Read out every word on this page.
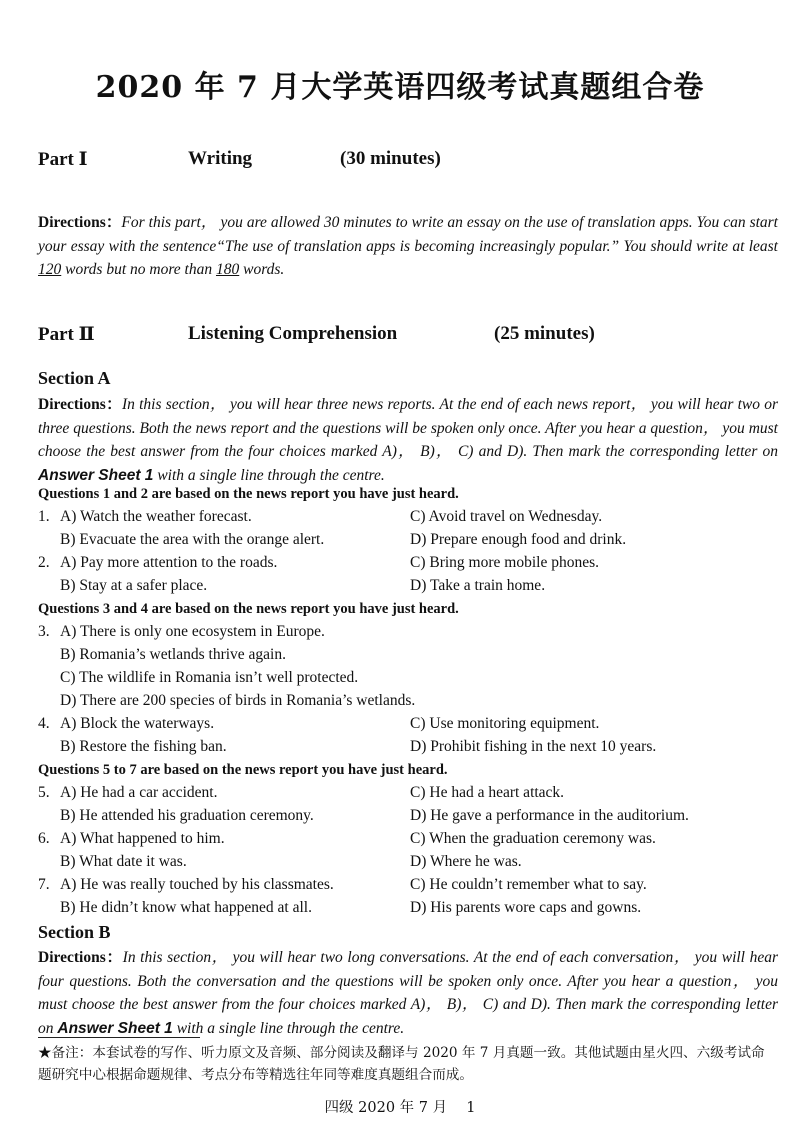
2020 年 7 月大学英语四级考试真题组合卷
Part Ⅰ	Writing	(30 minutes)
Directions：For this part， you are allowed 30 minutes to write an essay on the use of translation apps. You can start your essay with the sentence“The use of translation apps is becoming increasingly popular.” You should write at least 120 words but no more than 180 words.
Part Ⅱ	Listening Comprehension	(25 minutes)
Section A
Directions：In this section， you will hear three news reports. At the end of each news report， you will hear two or three questions. Both the news report and the questions will be spoken only once. After you hear a question， you must choose the best answer from the four choices marked A)， B)， C) and D). Then mark the corresponding letter on Answer Sheet 1 with a single line through the centre.
Questions 1 and 2 are based on the news report you have just heard.
1. A) Watch the weather forecast.	C) Avoid travel on Wednesday.
B) Evacuate the area with the orange alert.	D) Prepare enough food and drink.
2. A) Pay more attention to the roads.	C) Bring more mobile phones.
B) Stay at a safer place.	D) Take a train home.
Questions 3 and 4 are based on the news report you have just heard.
3. A) There is only one ecosystem in Europe.
B) Romania’s wetlands thrive again.
C) The wildlife in Romania isn’t well protected.
D) There are 200 species of birds in Romania’s wetlands.
4. A) Block the waterways.	C) Use monitoring equipment.
B) Restore the fishing ban.	D) Prohibit fishing in the next 10 years.
Questions 5 to 7 are based on the news report you have just heard.
5. A) He had a car accident.	C) He had a heart attack.
B) He attended his graduation ceremony.	D) He gave a performance in the auditorium.
6. A) What happened to him.	C) When the graduation ceremony was.
B) What date it was.	D) Where he was.
7. A) He was really touched by his classmates.	C) He couldn’t remember what to say.
B) He didn’t know what happened at all.	D) His parents wore caps and gowns.
Section B
Directions：In this section， you will hear two long conversations. At the end of each conversation， you will hear four questions. Both the conversation and the questions will be spoken only once. After you hear a question， you must choose the best answer from the four choices marked A)， B)， C) and D). Then mark the corresponding letter on Answer Sheet 1 with a single line through the centre.
★备注：本套试卷的写作、听力原文及音频、部分阅读及翻译与 2020 年 7 月真题一致。其他试题由星火四、六级考试命题研究中心根据命题规律、考点分布等精选往年同等难度真题组合而成。
四级 2020 年 7 月　 1
